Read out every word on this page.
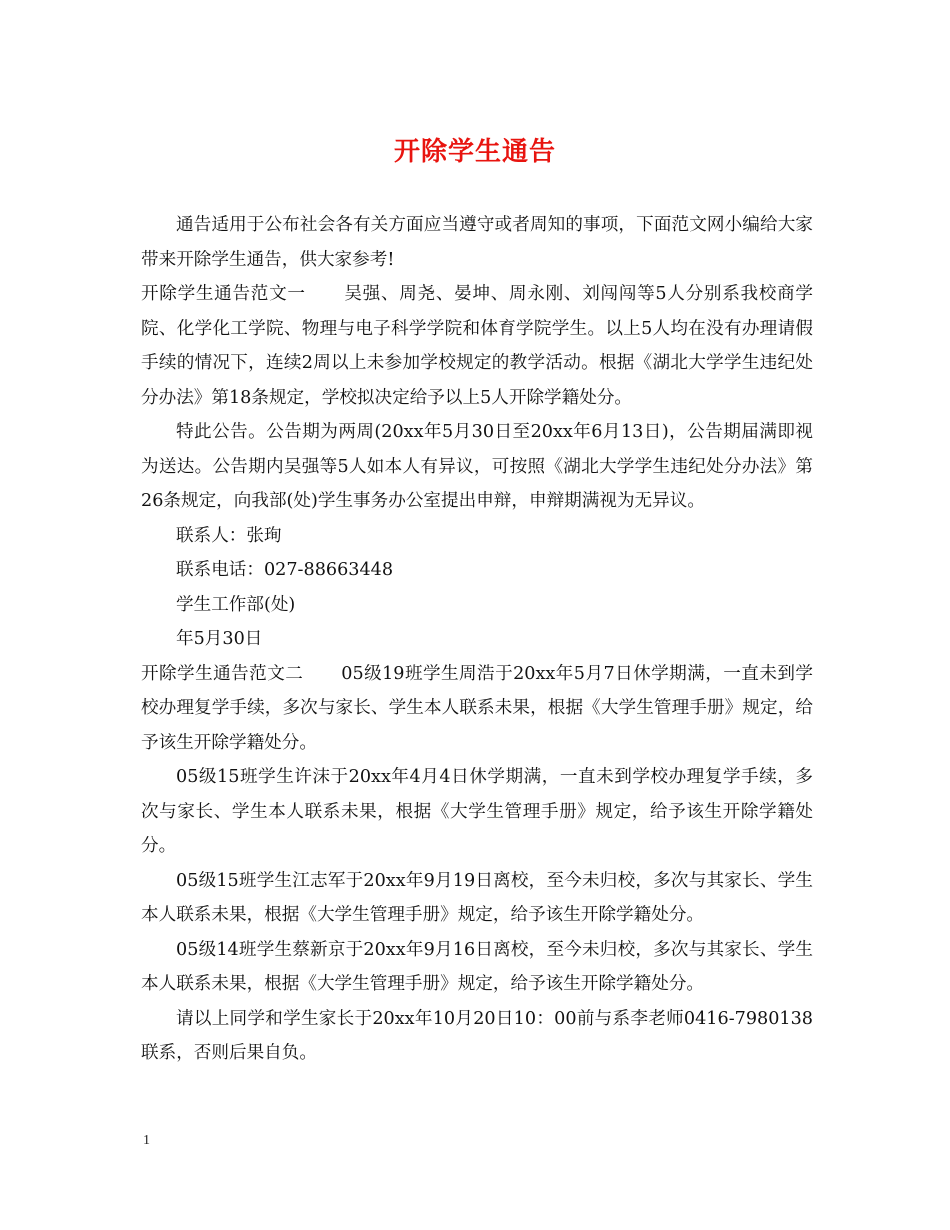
开除学生通告

通告适用于公布社会各有关方面应当遵守或者周知的事项，下面范文网小编给大家带来开除学生通告，供大家参考!

开除学生通告范文一 吴强、周尧、晏坤、周永刚、刘闯闯等5人分别系我校商学院、化学化工学院、物理与电子科学学院和体育学院学生。以上5人均在没有办理请假手续的情况下，连续2周以上未参加学校规定的教学活动。根据《湖北大学学生违纪处分办法》第18条规定，学校拟决定给予以上5人开除学籍处分。

特此公告。公告期为两周(20xx年5月30日至20xx年6月13日)，公告期届满即视为送达。公告期内吴强等5人如本人有异议，可按照《湖北大学学生违纪处分办法》第26条规定，向我部(处)学生事务办公室提出申辩，申辩期满视为无异议。

联系人：张珣

联系电话：027-88663448

学生工作部(处)

年5月30日

开除学生通告范文二 05级19班学生周浩于20xx年5月7日休学期满，一直未到学校办理复学手续，多次与家长、学生本人联系未果，根据《大学生管理手册》规定，给予该生开除学籍处分。

05级15班学生许沫于20xx年4月4日休学期满，一直未到学校办理复学手续，多次与家长、学生本人联系未果，根据《大学生管理手册》规定，给予该生开除学籍处分。

05级15班学生江志军于20xx年9月19日离校，至今未归校，多次与其家长、学生本人联系未果，根据《大学生管理手册》规定，给予该生开除学籍处分。

05级14班学生蔡新京于20xx年9月16日离校，至今未归校，多次与其家长、学生本人联系未果，根据《大学生管理手册》规定，给予该生开除学籍处分。

请以上同学和学生家长于20xx年10月20日10：00前与系李老师0416-7980138联系，否则后果自负。

1
